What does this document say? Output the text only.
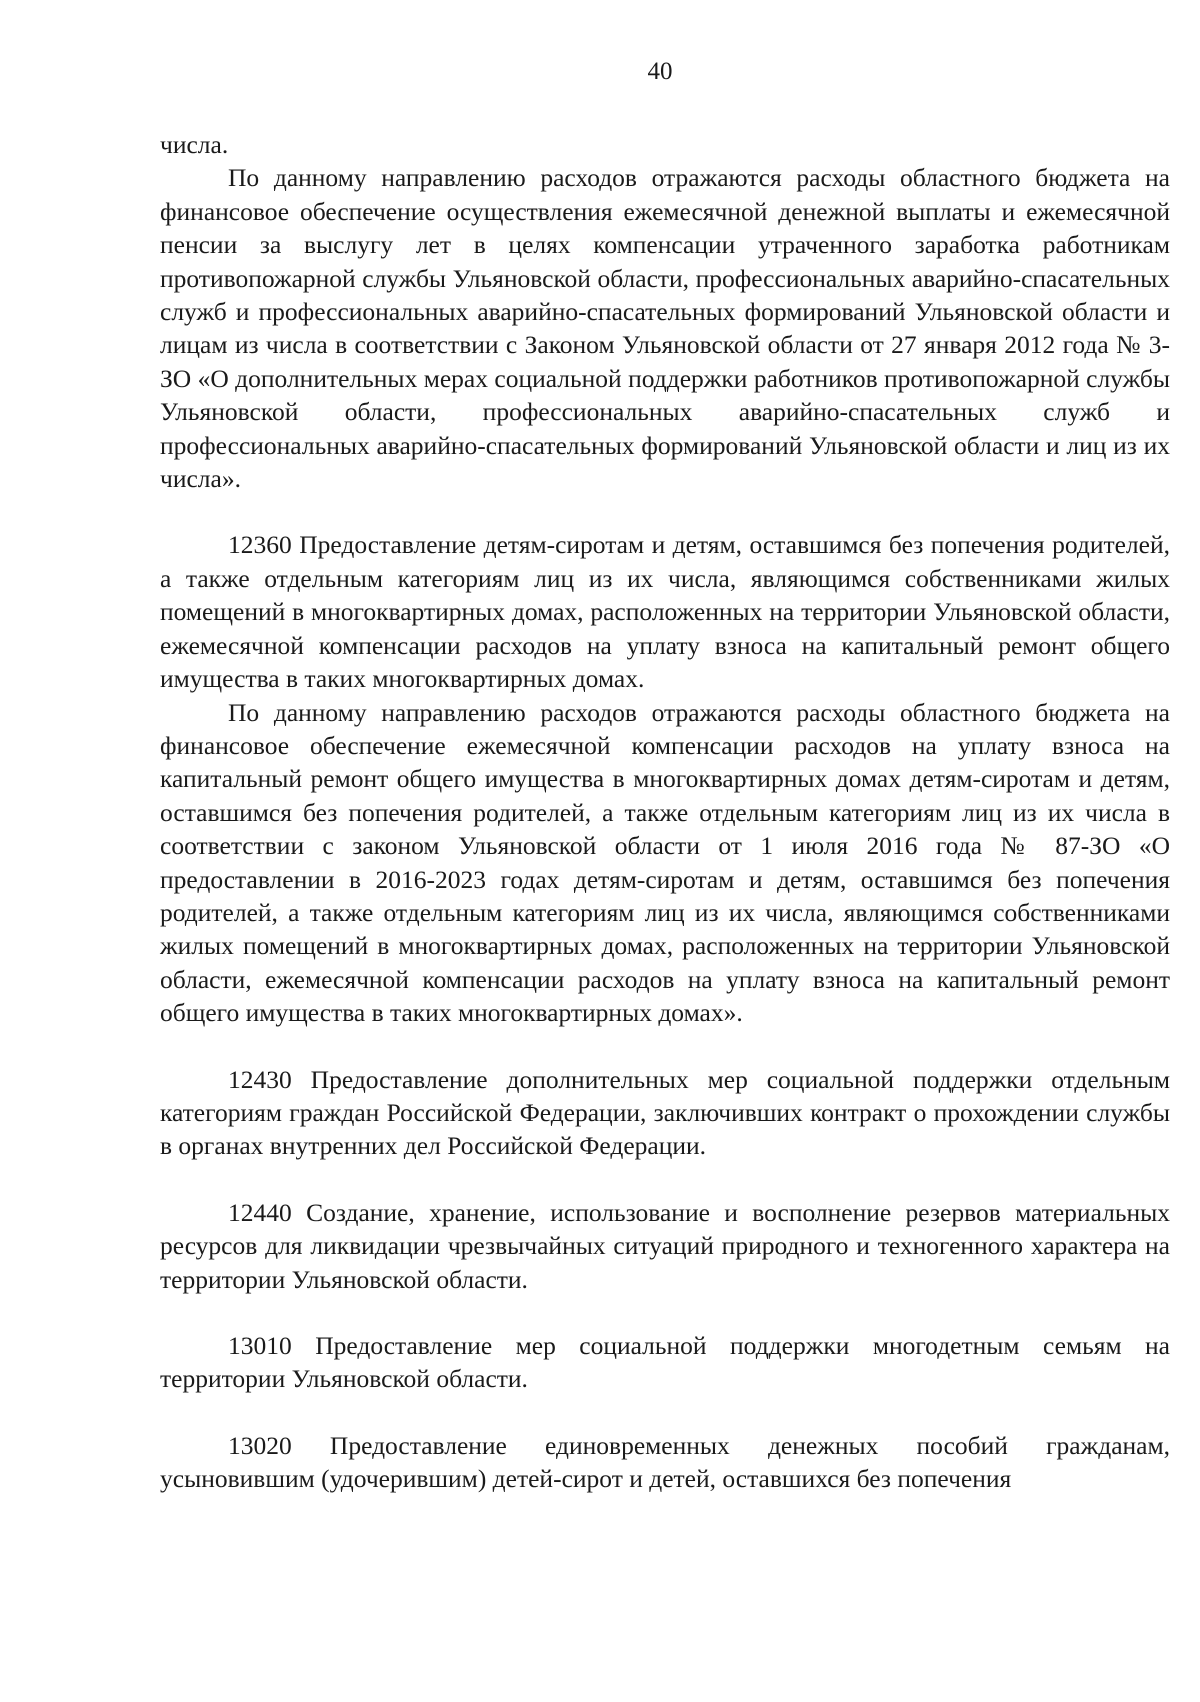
40

числа.

По данному направлению расходов отражаются расходы областного бюджета на финансовое обеспечение осуществления ежемесячной денежной выплаты и ежемесячной пенсии за выслугу лет в целях компенсации утраченного заработка работникам противопожарной службы Ульяновской области, профессиональных аварийно-спасательных служб и профессиональных аварийно-спасательных формирований Ульяновской области и лицам из числа в соответствии с Законом Ульяновской области от 27 января 2012 года № 3-ЗО «О дополнительных мерах социальной поддержки работников противопожарной службы Ульяновской области, профессиональных аварийно-спасательных служб и профессиональных аварийно-спасательных формирований Ульяновской области и лиц из их числа».

12360 Предоставление детям-сиротам и детям, оставшимся без попечения родителей, а также отдельным категориям лиц из их числа, являющимся собственниками жилых помещений в многоквартирных домах, расположенных на территории Ульяновской области, ежемесячной компенсации расходов на уплату взноса на капитальный ремонт общего имущества в таких многоквартирных домах.

По данному направлению расходов отражаются расходы областного бюджета на финансовое обеспечение ежемесячной компенсации расходов на уплату взноса на капитальный ремонт общего имущества в многоквартирных домах детям-сиротам и детям, оставшимся без попечения родителей, а также отдельным категориям лиц из их числа в соответствии с законом Ульяновской области от 1 июля 2016 года № 87-ЗО «О предоставлении в 2016-2023 годах детям-сиротам и детям, оставшимся без попечения родителей, а также отдельным категориям лиц из их числа, являющимся собственниками жилых помещений в многоквартирных домах, расположенных на территории Ульяновской области, ежемесячной компенсации расходов на уплату взноса на капитальный ремонт общего имущества в таких многоквартирных домах».

12430 Предоставление дополнительных мер социальной поддержки отдельным категориям граждан Российской Федерации, заключивших контракт о прохождении службы в органах внутренних дел Российской Федерации.

12440 Создание, хранение, использование и восполнение резервов материальных ресурсов для ликвидации чрезвычайных ситуаций природного и техногенного характера на территории Ульяновской области.

13010 Предоставление мер социальной поддержки многодетным семьям на территории Ульяновской области.

13020 Предоставление единовременных денежных пособий гражданам, усыновившим (удочерившим) детей-сирот и детей, оставшихся без попечения
